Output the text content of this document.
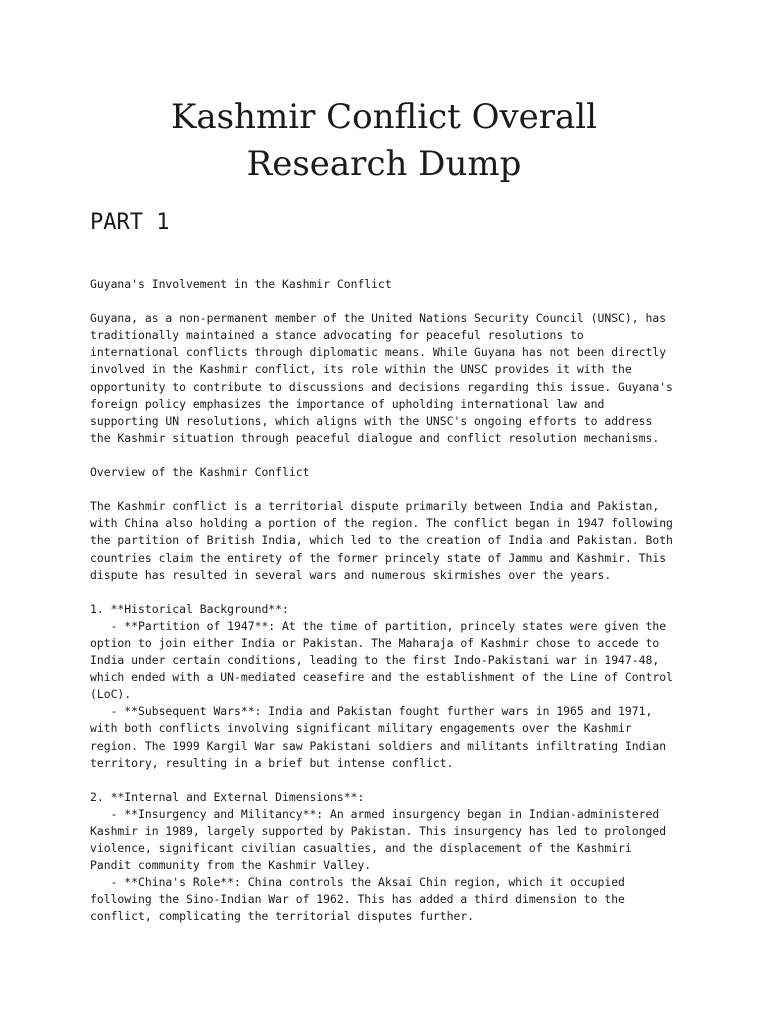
Kashmir Conflict Overall Research Dump
PART 1
Guyana's Involvement in the Kashmir Conflict
Guyana, as a non-permanent member of the United Nations Security Council (UNSC), has
traditionally maintained a stance advocating for peaceful resolutions to
international conflicts through diplomatic means. While Guyana has not been directly
involved in the Kashmir conflict, its role within the UNSC provides it with the
opportunity to contribute to discussions and decisions regarding this issue. Guyana's
foreign policy emphasizes the importance of upholding international law and
supporting UN resolutions, which aligns with the UNSC's ongoing efforts to address
the Kashmir situation through peaceful dialogue and conflict resolution mechanisms.
Overview of the Kashmir Conflict
The Kashmir conflict is a territorial dispute primarily between India and Pakistan,
with China also holding a portion of the region. The conflict began in 1947 following
the partition of British India, which led to the creation of India and Pakistan. Both
countries claim the entirety of the former princely state of Jammu and Kashmir. This
dispute has resulted in several wars and numerous skirmishes over the years.
1. **Historical Background**:
- **Partition of 1947**: At the time of partition, princely states were given the
option to join either India or Pakistan. The Maharaja of Kashmir chose to accede to
India under certain conditions, leading to the first Indo-Pakistani war in 1947-48,
which ended with a UN-mediated ceasefire and the establishment of the Line of Control
(LoC).
- **Subsequent Wars**: India and Pakistan fought further wars in 1965 and 1971,
with both conflicts involving significant military engagements over the Kashmir
region. The 1999 Kargil War saw Pakistani soldiers and militants infiltrating Indian
territory, resulting in a brief but intense conflict.
2. **Internal and External Dimensions**:
- **Insurgency and Militancy**: An armed insurgency began in Indian-administered
Kashmir in 1989, largely supported by Pakistan. This insurgency has led to prolonged
violence, significant civilian casualties, and the displacement of the Kashmiri
Pandit community from the Kashmir Valley.
- **China's Role**: China controls the Aksai Chin region, which it occupied
following the Sino-Indian War of 1962. This has added a third dimension to the
conflict, complicating the territorial disputes further.
